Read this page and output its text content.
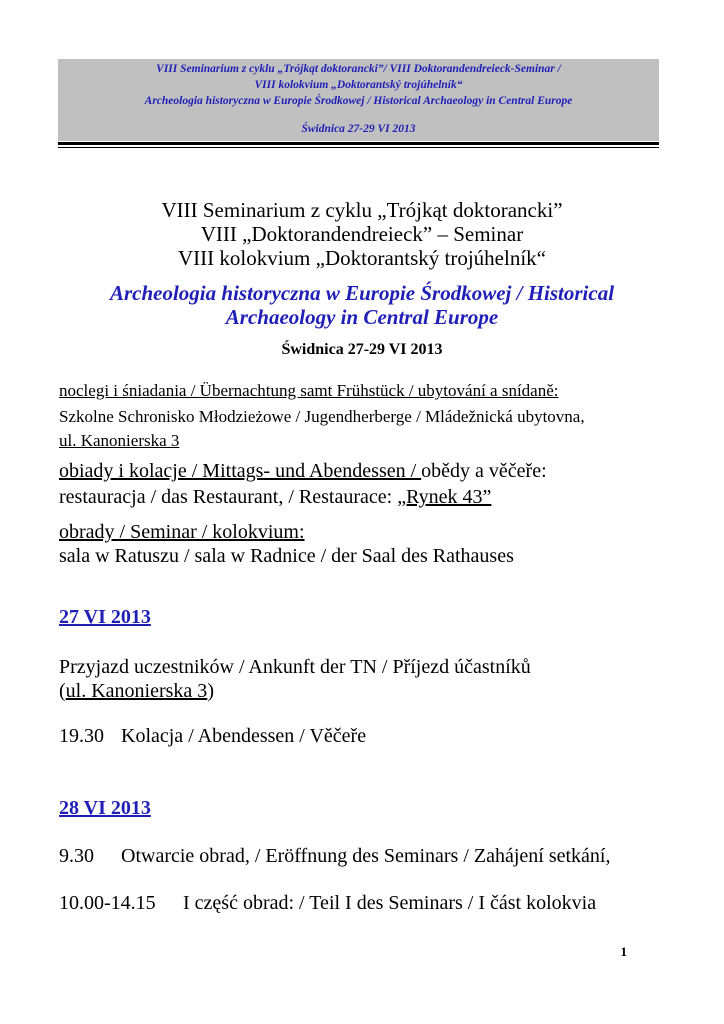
VIII Seminarium z cyklu „Trójkąt doktorancki”/ VIII Doktorandendreieck-Seminar /
VIII kolokvium „Doktorantský trojúhelník“
Archeologia historyczna w Europie Środkowej / Historical Archaeology in Central Europe
Świdnica 27-29 VI 2013
VIII Seminarium z cyklu „Trójkąt doktorancki”
VIII „Doktorandendreieck” – Seminar
VIII kolokvium „Doktorantský trojúhelník“
Archeologia historyczna w Europie Środkowej / Historical
Archaeology in Central Europe
Świdnica 27-29 VI 2013
noclegi i śniadania / Übernachtung samt Frühstück / ubytování a snídaně:
Szkolne Schronisko Młodzieżowe / Jugendherberge / Mládežnická ubytovna,
ul. Kanonierska 3
obiady i kolacje / Mittags- und Abendessen / obědy a věčeře:
restauracja / das Restaurant, / Restaurace: „Rynek 43”
obrady / Seminar / kolokvium:
sala w Ratuszu / sala w Radnice / der Saal des Rathauses
27 VI 2013
Przyjazd uczestników / Ankunft der TN / Příjezd účastníků
(ul. Kanonierska 3)
19.30 Kolacja / Abendessen / Věčeře
28 VI 2013
9.30 Otwarcie obrad, / Eröffnung des Seminars / Zahájení setkání,
10.00-14.15 I część obrad: / Teil I des Seminars / I část kolokvia
1
